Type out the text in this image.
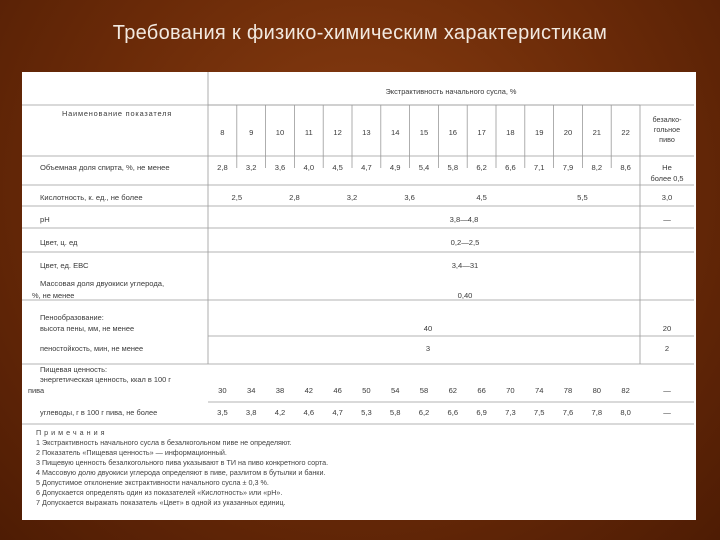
Требования к физико-химическим характеристикам
Экстрактивность начального сусла, %
Наименование показателя
8	9	10	11	12	13	14	15	16	17	18	19	20	21	22
безалко-
гольное
пиво
Объемная доля спирта, %, не менее	2,8 3,2 3,6 4,0 4,5 4,7 4,9 5,4 5,8 6,2 6,6 7,1 7,9 8,2 8,6	Не
более 0,5
Кислотность, к. ед., не более	2,5	2,8	3,2	3,6	4,5	5,5	3,0
pH	3,8—4,8	—
Цвет, ц. ед	0,2—2,5
Цвет, ед. ЕВС	3,4—31
Массовая доля двуокиси углерода,
%, не менее	0,40
Пенообразование:
высота пены, мм, не менее	40	20
пеностойкость, мин, не менее	3	2
Пищевая ценность:
энергетическая ценность, ккал в 100 г
пива	30	34	38	42	46	50	54	58	62	66	70	74	78	80	82	—
углеводы, г в 100 г пива, не более	3,5 3,8 4,2 4,6 4,7 5,3 5,8 6,2 6,6 6,9 7,3 7,5 7,6 7,8 8,0	—
Примечания
1 Экстрактивность начального сусла в безалкогольном пиве не определяют.
2 Показатель «Пищевая ценность» — информационный.
3 Пищевую ценность безалкогольного пива указывают в ТИ на пиво конкретного сорта.
4 Массовую долю двуокиси углерода определяют в пиве, разлитом в бутылки и банки.
5 Допустимое отклонение экстрактивности начального сусла ± 0,3 %.
6 Допускается определять один из показателей «Кислотность» или «pH».
7 Допускается выражать показатель «Цвет» в одной из указанных единиц.
